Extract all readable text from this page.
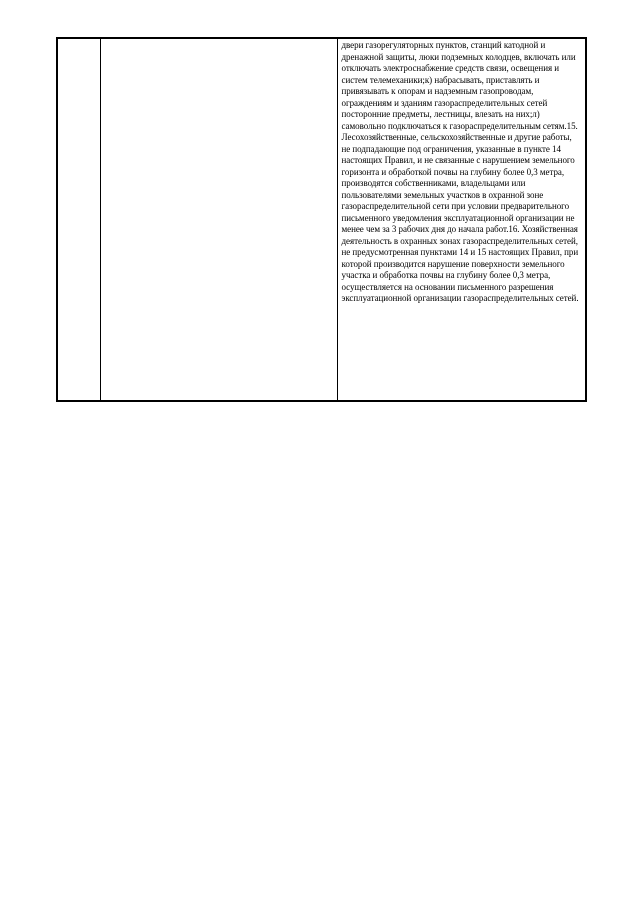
двери газорегуляторных пунктов, станций катодной и дренажной защиты, люки подземных колодцев, включать или отключать электроснабжение средств связи, освещения и систем телемеханики;к) набрасывать, приставлять и привязывать к опорам и надземным газопроводам, ограждениям и зданиям газораспределительных сетей посторонние предметы, лестницы, влезать на них;л) самовольно подключаться к газораспределительным сетям.15. Лесохозяйственные, сельскохозяйственные и другие работы, не подпадающие под ограничения, указанные в пункте 14 настоящих Правил, и не связанные с нарушением земельного горизонта и обработкой почвы на глубину более 0,3 метра, производятся собственниками, владельцами или пользователями земельных участков в охранной зоне газораспределительной сети при условии предварительного письменного уведомления эксплуатационной организации не менее чем за 3 рабочих дня до начала работ.16. Хозяйственная деятельность в охранных зонах газораспределительных сетей, не предусмотренная пунктами 14 и 15 настоящих Правил, при которой производится нарушение поверхности земельного участка и обработка почвы на глубину более 0,3 метра, осуществляется на основании письменного разрешения эксплуатационной организации газораспределительных сетей.
